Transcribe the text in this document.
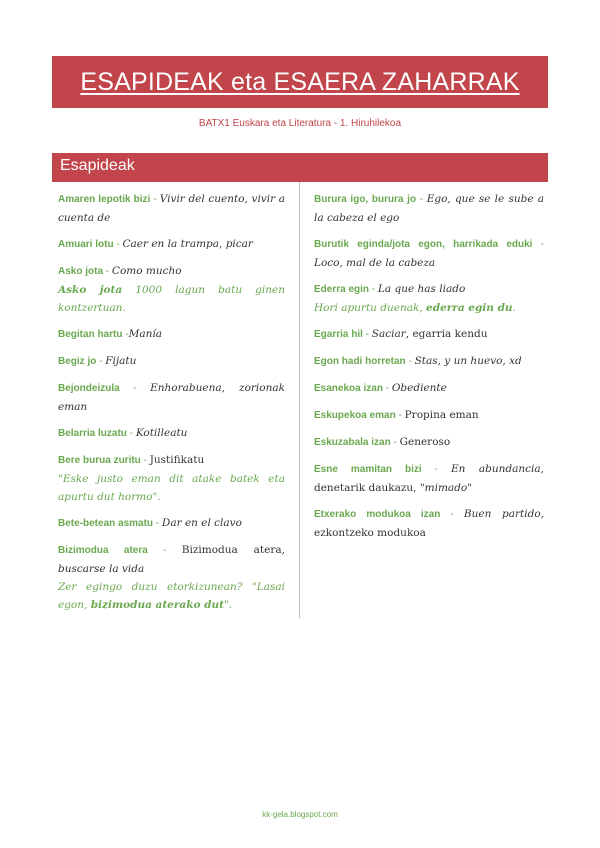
ESAPIDEAK eta ESAERA ZAHARRAK
BATX1 Euskara eta Literatura - 1. Hiruhilekoa
Esapideak
Amaren lepotik bizi - Vivir del cuento, vivir a cuenta de
Amuari lotu - Caer en la trampa, picar
Asko jota - Como mucho
Asko jota 1000 lagun batu ginen kontzertuan.
Begitan hartu -Manía
Begiz jo - Fijatu
Bejondeizula - Enhorabuena, zorionak eman
Belarria luzatu - Kotilleatu
Bere burua zuritu - Justifikatu
"Eske justo eman dit atake batek eta apurtu dut hormo".
Bete-betean asmatu - Dar en el clavo
Bizimodua atera - Bizimodua atera, buscarse la vida
Zer egingo duzu etorkizunean? "Lasai egon, bizimodua aterako dut".
Burura igo, burura jo - Ego, que se le sube a la cabeza el ego
Burutik eginda/jota egon, harrikada eduki - Loco, mal de la cabeza
Ederra egin - La que has liado
Hori apurtu duenak, ederra egin du.
Egarria hil - Saciar, egarria kendu
Egon hadi horretan - Stas, y un huevo, xd
Esanekoa izan - Obediente
Eskupekoa eman - Propina eman
Eskuzabala izan - Generoso
Esne mamitan bizi - En abundancia, denetarik daukazu, "mimado"
Etxerako modukoa izan - Buen partido, ezkontzeko modukoa
kk-gela.blogspot.com
